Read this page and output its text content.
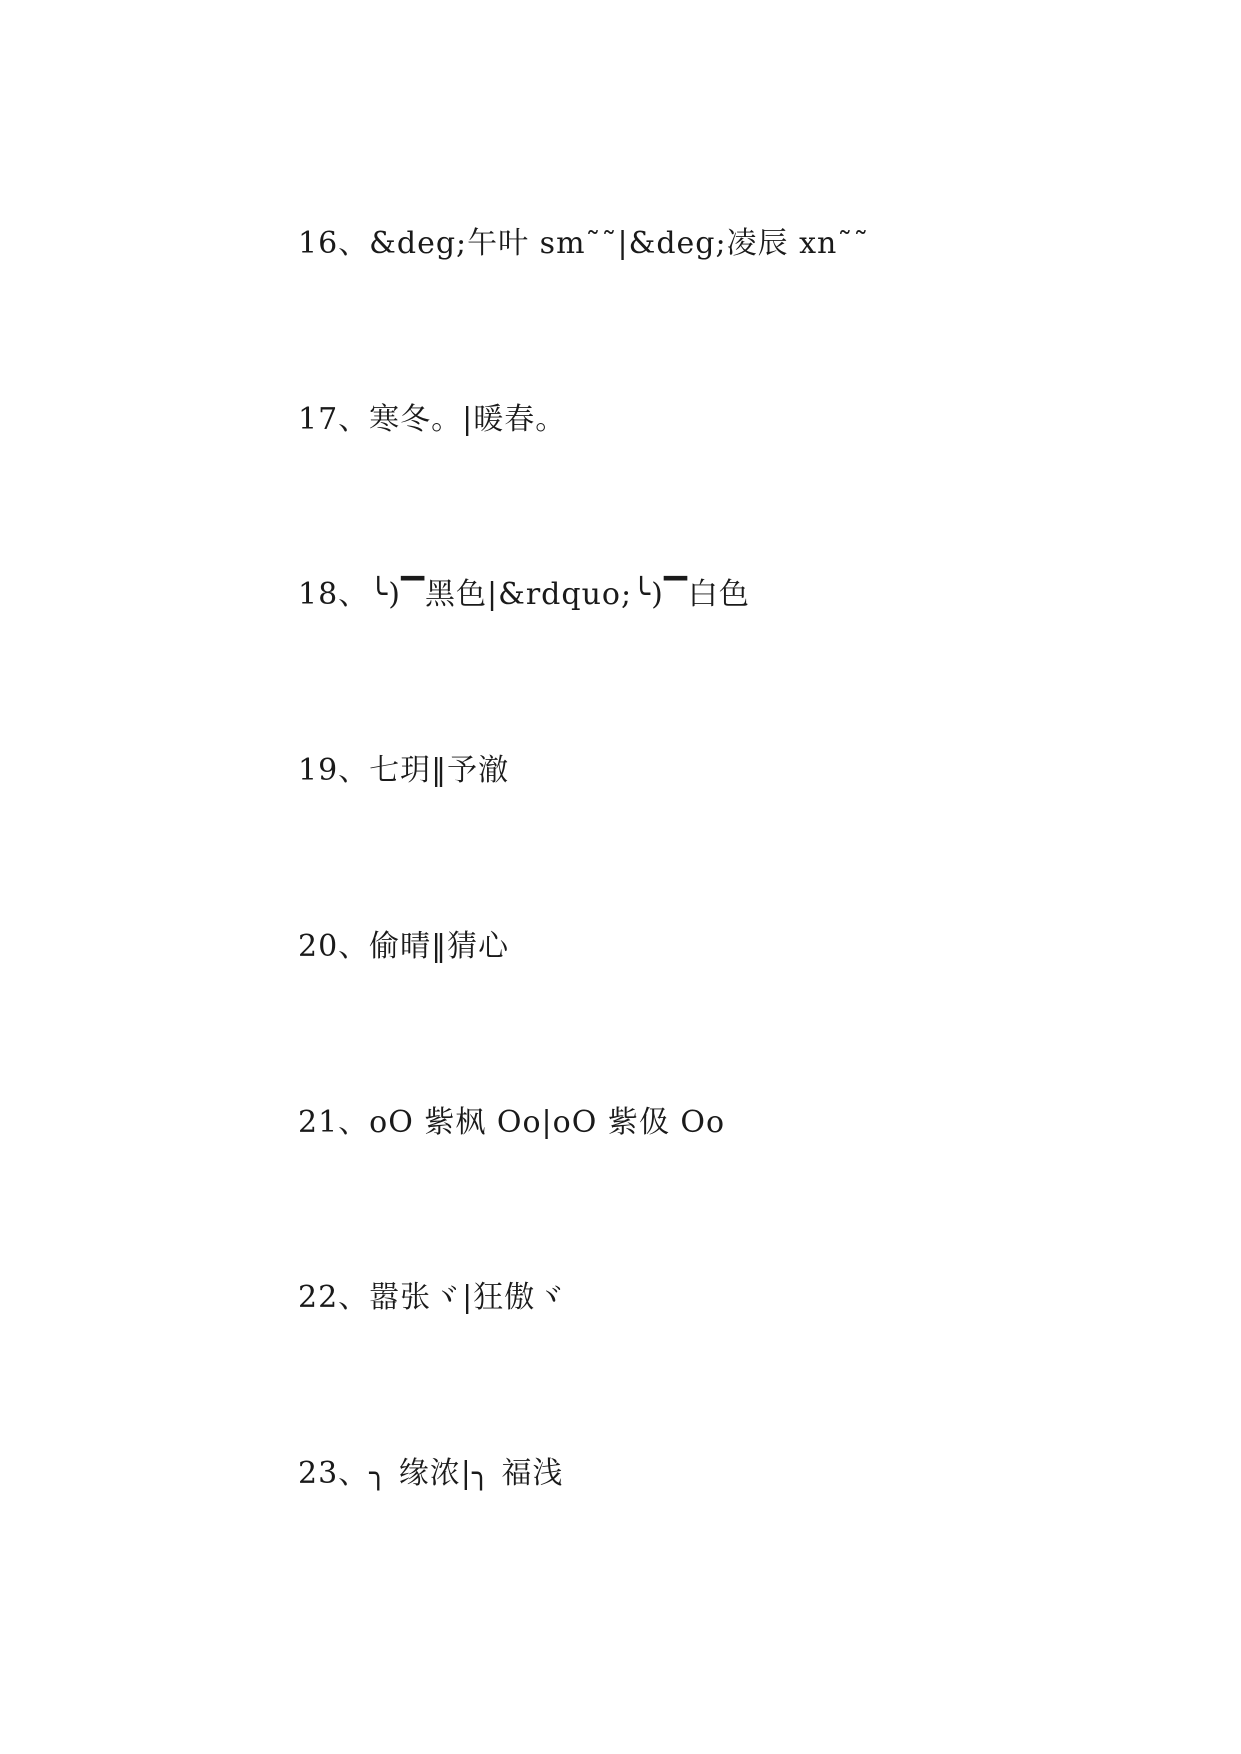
16、&deg;午叶 sm˜˜|&deg;凌辰 xn˜˜
17、寒冬。|暖春。
18、╰)▔黑色|&rdquo;╰)▔白色
19、七玥‖予澈
20、偷晴‖猜心
21、oO 紫枫 Oo|oO 紫伋 Oo
22、嚣张ヾ|狂傲ヾ
23、╮ 缘浓|╮ 福浅
